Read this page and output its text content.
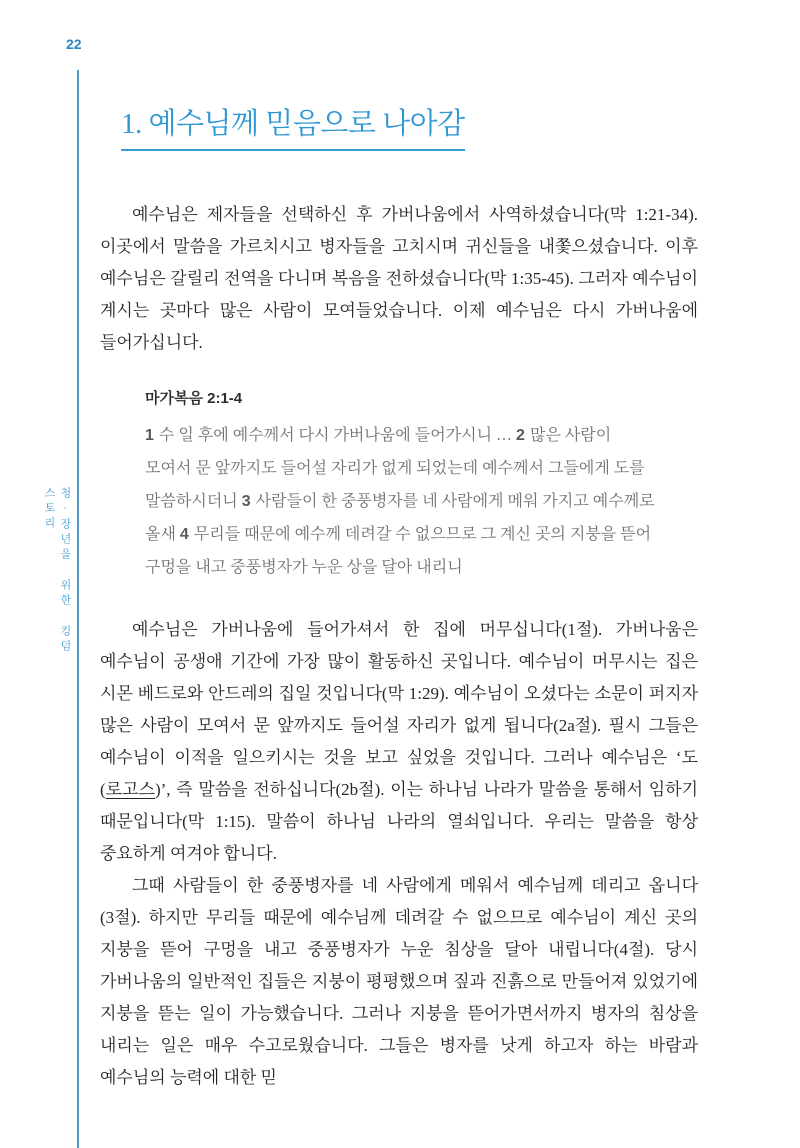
22
청·장년을 위한 킹덤 스토리
1. 예수님께 믿음으로 나아감

예수님은 제자들을 선택하신 후 가버나움에서 사역하셨습니다(막 1:21-34). 이곳에서 말씀을 가르치시고 병자들을 고치시며 귀신들을 내쫓으셨습니다. 이후 예수님은 갈릴리 전역을 다니며 복음을 전하셨습니다(막 1:35-45). 그러자 예수님이 계시는 곳마다 많은 사람이 모여들었습니다. 이제 예수님은 다시 가버나움에 들어가십니다.

마가복음 2:1-4
1 수 일 후에 예수께서 다시 가버나움에 들어가시니 … 2 많은 사람이 모여서 문 앞까지도 들어설 자리가 없게 되었는데 예수께서 그들에게 도를 말씀하시더니 3 사람들이 한 중풍병자를 네 사람에게 메워 가지고 예수께로 올새 4 무리들 때문에 예수께 데려갈 수 없으므로 그 계신 곳의 지붕을 뜯어 구멍을 내고 중풍병자가 누운 상을 달아 내리니

예수님은 가버나움에 들어가셔서 한 집에 머무십니다(1절). 가버나움은 예수님이 공생애 기간에 가장 많이 활동하신 곳입니다. 예수님이 머무시는 집은 시몬 베드로와 안드레의 집일 것입니다(막 1:29). 예수님이 오셨다는 소문이 퍼지자 많은 사람이 모여서 문 앞까지도 들어설 자리가 없게 됩니다(2a절). 필시 그들은 예수님이 이적을 일으키시는 것을 보고 싶었을 것입니다. 그러나 예수님은 ‘도(로고스)’, 즉 말씀을 전하십니다(2b절). 이는 하나님 나라가 말씀을 통해서 임하기 때문입니다(막 1:15). 말씀이 하나님 나라의 열쇠입니다. 우리는 말씀을 항상 중요하게 여겨야 합니다.

그때 사람들이 한 중풍병자를 네 사람에게 메워서 예수님께 데리고 옵니다(3절). 하지만 무리들 때문에 예수님께 데려갈 수 없으므로 예수님이 계신 곳의 지붕을 뜯어 구멍을 내고 중풍병자가 누운 침상을 달아 내립니다(4절). 당시 가버나움의 일반적인 집들은 지붕이 평평했으며 짚과 진흙으로 만들어져 있었기에 지붕을 뜯는 일이 가능했습니다. 그러나 지붕을 뜯어가면서까지 병자의 침상을 내리는 일은 매우 수고로웠습니다. 그들은 병자를 낫게 하고자 하는 바람과 예수님의 능력에 대한 믿
